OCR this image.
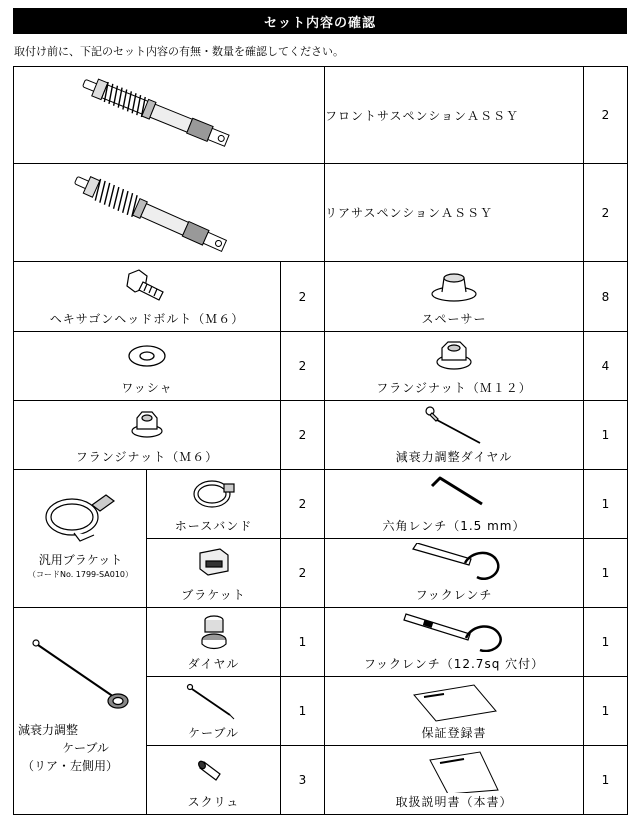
セット内容の確認
取付け前に、下記のセット内容の有無・数量を確認してください。
	フロントサスペンションＡＳＳＹ	2

	リアサスペンションＡＳＳＹ	2

ヘキサゴンヘッドボルト（Ｍ６）		2	スペーサー	8

ワッシャ		2	フランジナット（Ｍ１２）	4

フランジナット（Ｍ６）		2	減衰力調整ダイヤル	1

汎用ブラケット
（コードNo. 1799-SA010）	ホースバンド	2	六角レンチ（1.5 mm）	1

	ブラケット	2	フックレンチ	1

減衰力調整
ケーブル
（リア・左側用）	ダイヤル	1	フックレンチ（12.7sq 穴付）	1

	ケーブル	1	保証登録書	1

	スクリュ	3	取扱説明書（本書）	1
